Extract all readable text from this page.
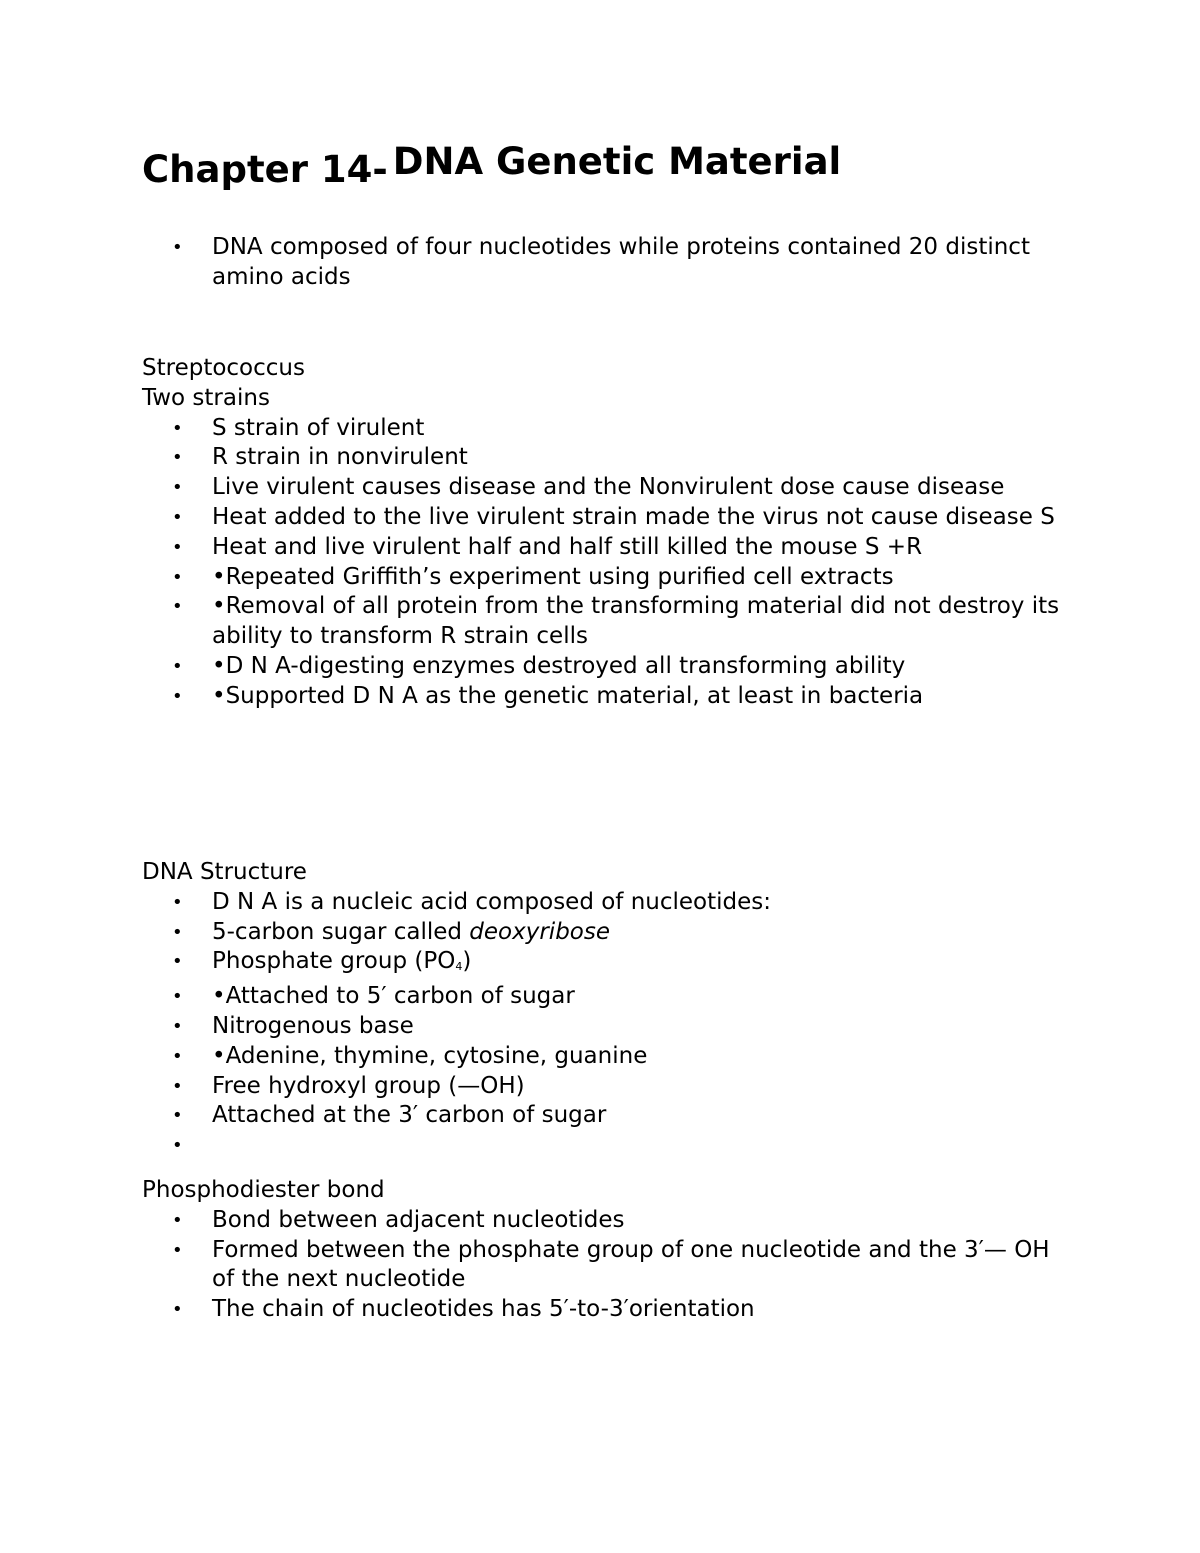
Chapter 14- DNA Genetic Material
• DNA composed of four nucleotides while proteins contained 20 distinct amino acids

Streptococcus

Two strains

• S strain of virulent
• R strain in nonvirulent
• Live virulent causes disease and the Nonvirulent dose cause disease
• Heat added to the live virulent strain made the virus not cause disease S
• Heat and live virulent half and half still killed the mouse S +R
• •Repeated Griffith’s experiment using purified cell extracts
• •Removal of all protein from the transforming material did not destroy its ability to transform R strain cells
• •D N A-digesting enzymes destroyed all transforming ability
• •Supported D N A as the genetic material, at least in bacteria

DNA Structure

• D N A is a nucleic acid composed of nucleotides:
• 5-carbon sugar called deoxyribose
• Phosphate group $(PO_4)$
• •Attached to 5′ carbon of sugar
• Nitrogenous base
• •Adenine, thymine, cytosine, guanine
• Free hydroxyl group (—OH)
• Attached at the 3′ carbon of sugar
•

Phosphodiester bond

• Bond between adjacent nucleotides
• Formed between the phosphate group of one nucleotide and the 3′— OH of the next nucleotide
• The chain of nucleotides has 5′-to-3′orientation
